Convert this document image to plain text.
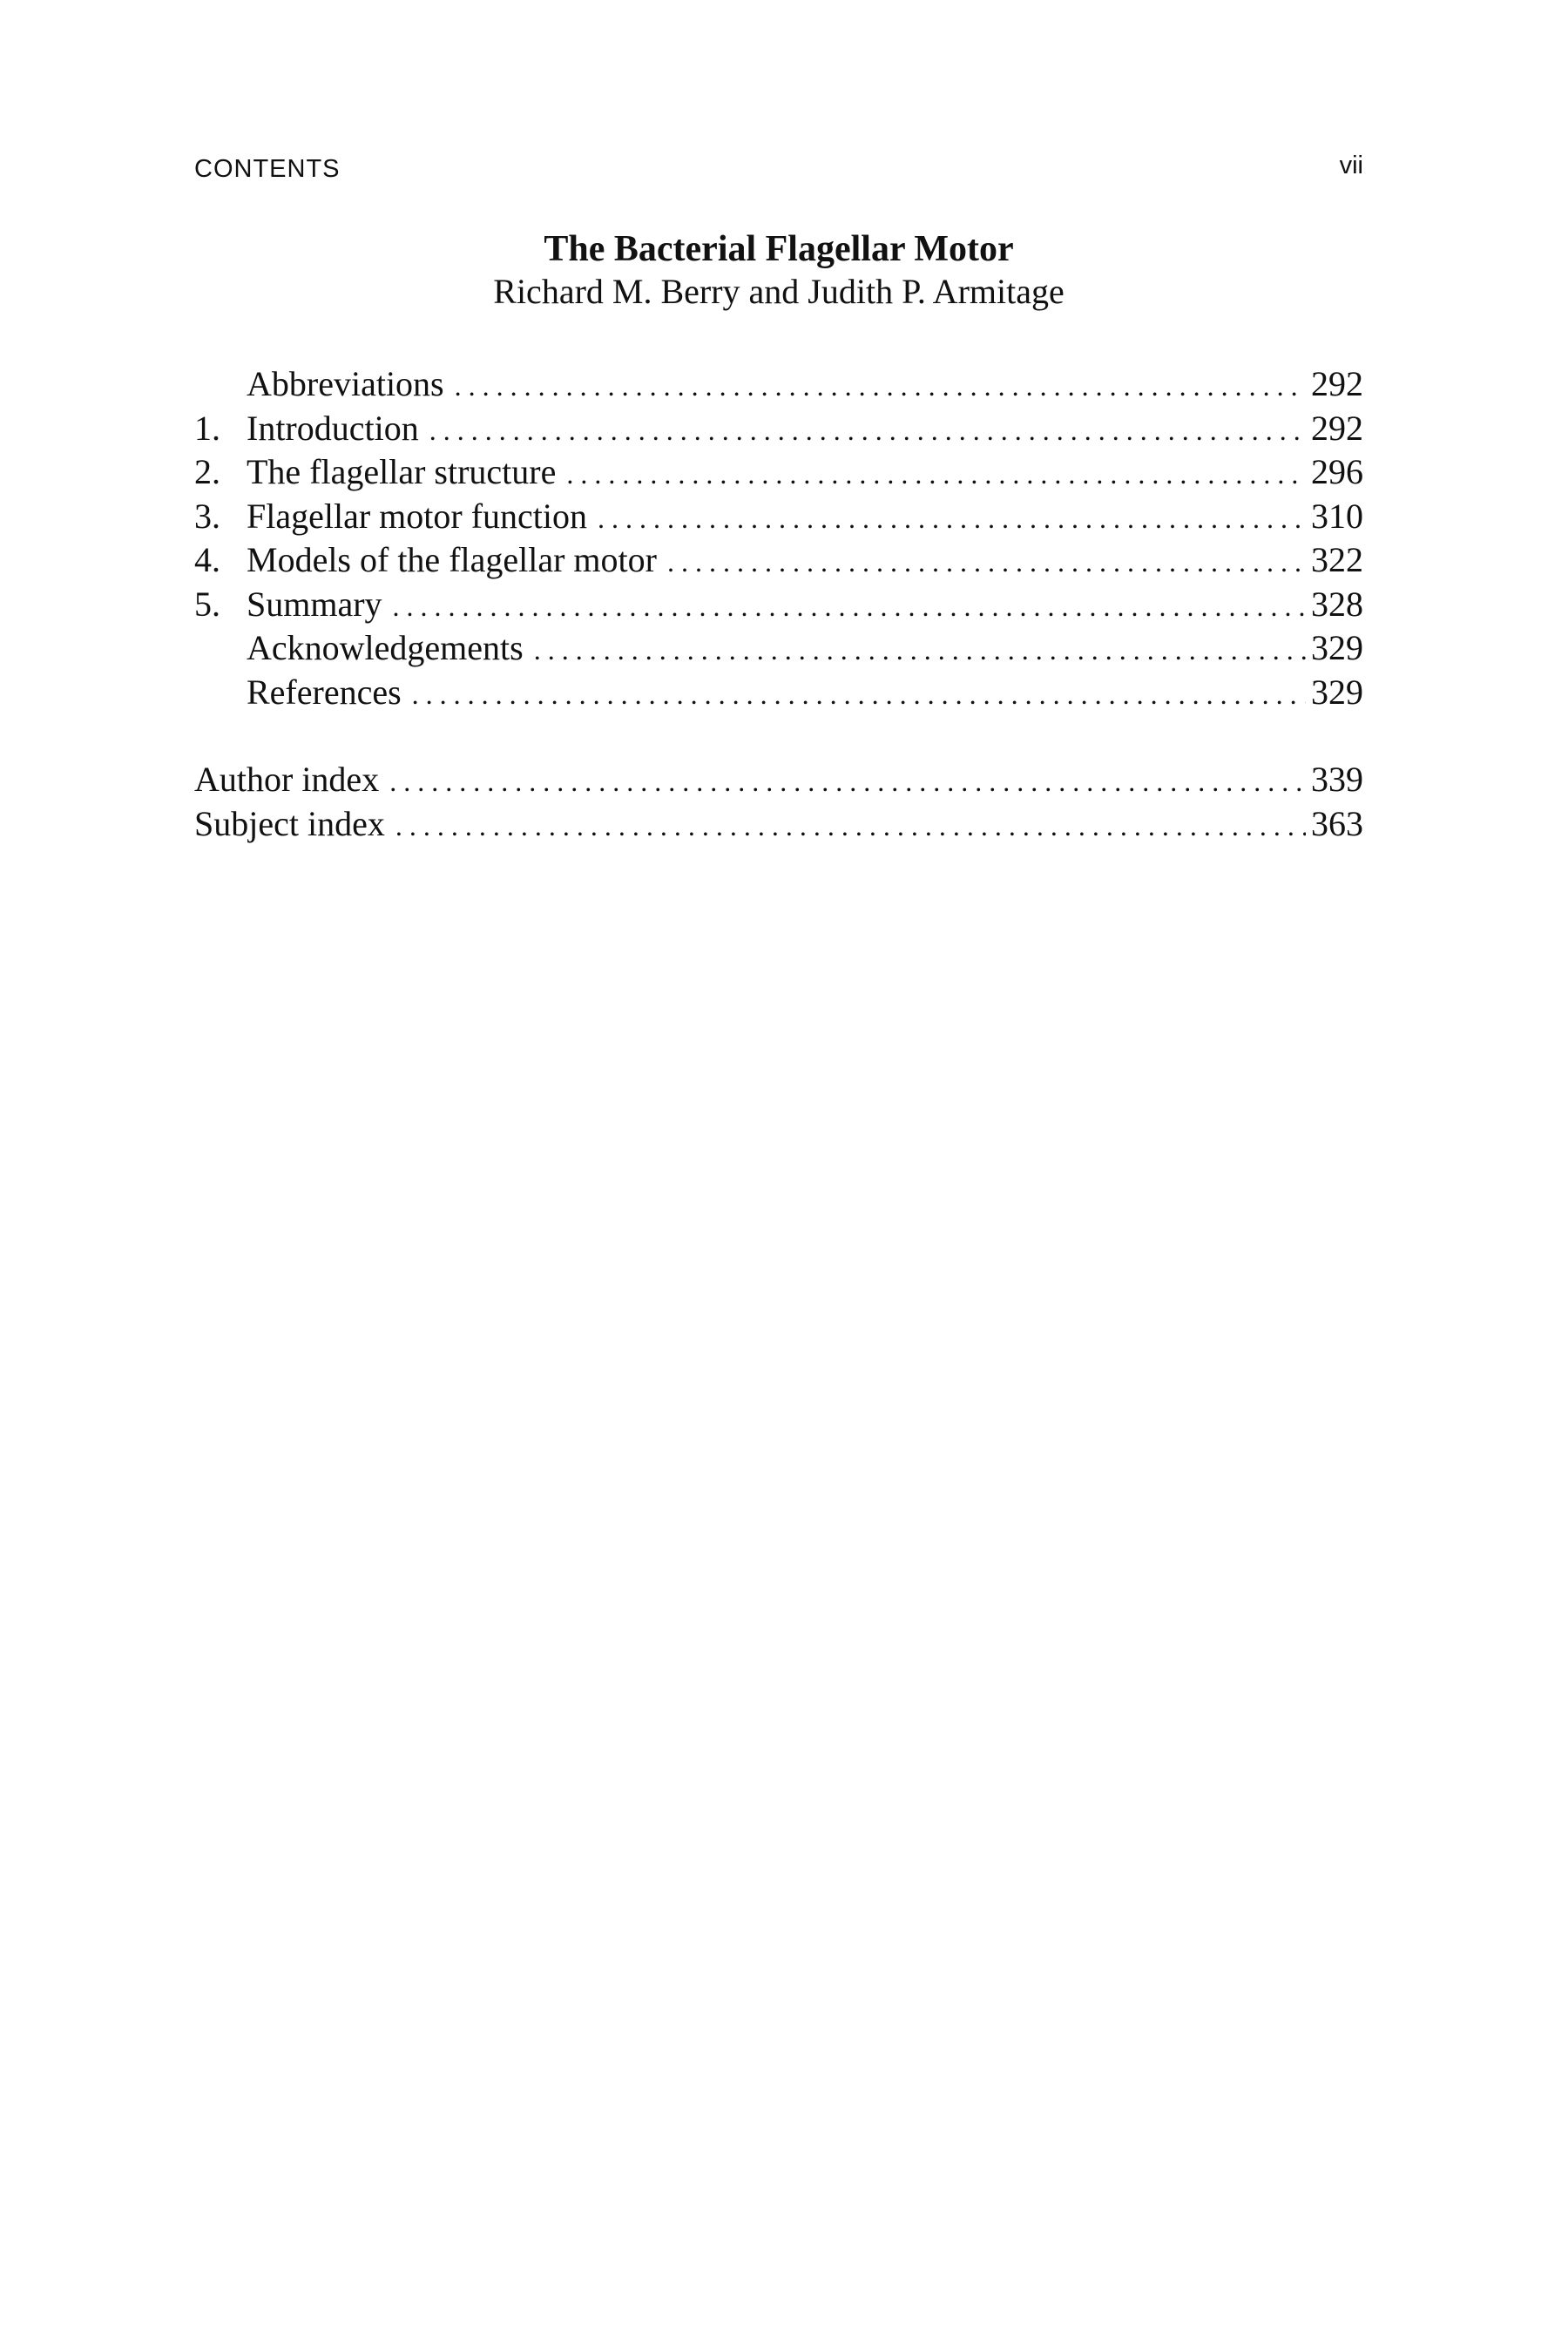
CONTENTS	vii
The Bacterial Flagellar Motor
Richard M. Berry and Judith P. Armitage
Abbreviations . . .	292
1. Introduction . . .	292
2. The flagellar structure . . .	296
3. Flagellar motor function . . .	310
4. Models of the flagellar motor . . .	322
5. Summary . . .	328
Acknowledgements . . .	329
References . . .	329
Author index . . .	339
Subject index . . .	363
